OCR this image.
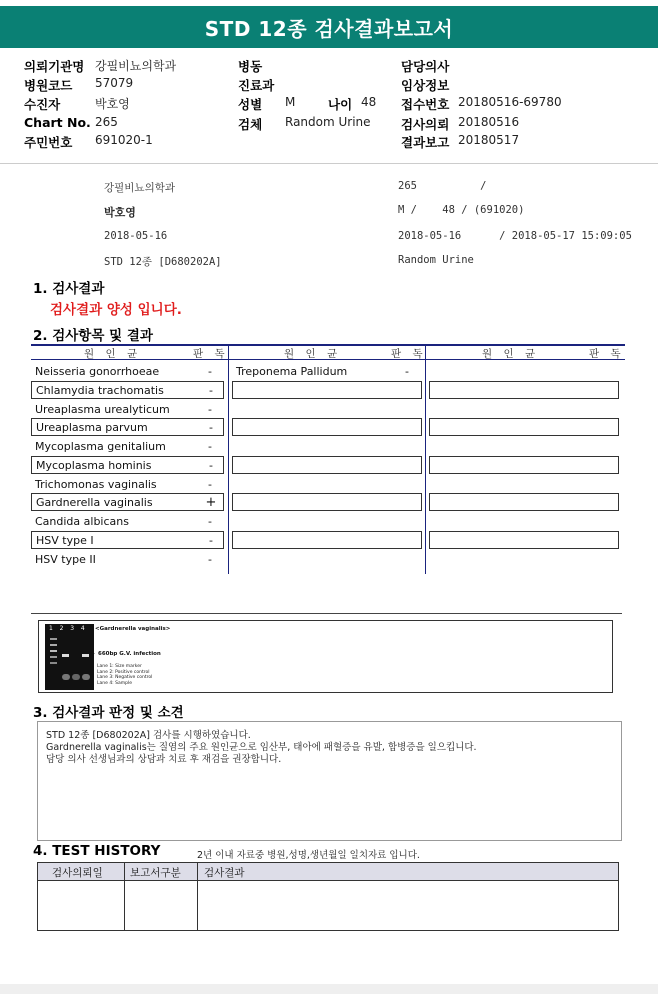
STD 12종 검사결과보고서
의뢰기관명 강필비뇨의학과
병원코드 57079
수진자	박호영
Chart No. 265
주민번호 691020-1
병동
진료과
성별 M	나이 48
검체 Random Urine
담당의사
임상정보
접수번호 20180516-69780
검사의뢰 20180516
결과보고 20180517
강필비뇨의학과
박호영
2018-05-16
STD 12종 [D680202A]
265          /
M /    48 / (691020)
2018-05-16      / 2018-05-17 15:09:05
Random Urine
1. 검사결과
검사결과 양성 입니다.
2. 검사항목 및 결과
원 인 균	판 독	원 인 균	판 독	원 인 균	판 독
Neisseria gonorrhoeae	-
Chlamydia trachomatis	-
Ureaplasma urealyticum	-
Ureaplasma parvum	-
Mycoplasma genitalium	-
Mycoplasma hominis	-
Trichomonas vaginalis	-
Gardnerella vaginalis	+
Candida albicans	-
HSV type I	-
HSV type II	-
Treponema Pallidum	-
1  2  3  4 <Gardnerella vaginalis>
← 660bp G.V. infection
Lane 1: Size marker
Lane 2: Positive control
Lane 3: Negative control
Lane 4: Sample
3. 검사결과 판정 및 소견
STD 12종 [D680202A] 검사를 시행하였습니다.
Gardnerella vaginalis는 질염의 주요 원인균으로 임산부, 태아에 패혈증을 유발, 합병증을 일으킵니다.
담당 의사 선생님과의 상담과 치료 후 재검을 권장합니다.
4. TEST HISTORY	2년 이내 자료중 병원,성명,생년월일 일치자료 입니다.
검사의뢰일	보고서구분 검사결과
